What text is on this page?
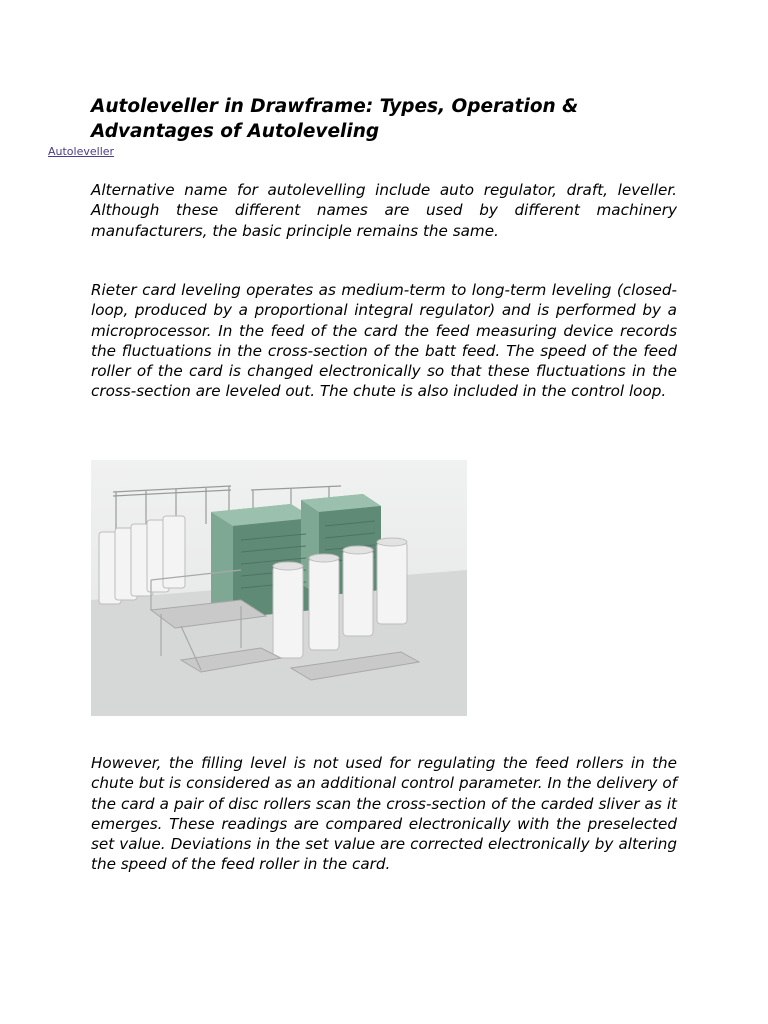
Autoleveller in Drawframe: Types, Operation & Advantages of Autoleveling
Autoleveller

Alternative name for autolevelling include auto regulator, draft, leveller. Although these different names are used by different machinery manufacturers, the basic principle remains the same.

Rieter card leveling operates as medium-term to long-term leveling (closed-loop, produced by a proportional integral regulator) and is performed by a microprocessor. In the feed of the card the feed measuring device records the fluctuations in the cross-section of the batt feed. The speed of the feed roller of the card is changed electronically so that these fluctuations in the cross-section are leveled out. The chute is also included in the control loop.

However, the filling level is not used for regulating the feed rollers in the chute but is considered as an additional control parameter. In the delivery of the card a pair of disc rollers scan the cross-section of the carded sliver as it emerges. These readings are compared electronically with the preselected set value. Deviations in the set value are corrected electronically by altering the speed of the feed roller in the card.
